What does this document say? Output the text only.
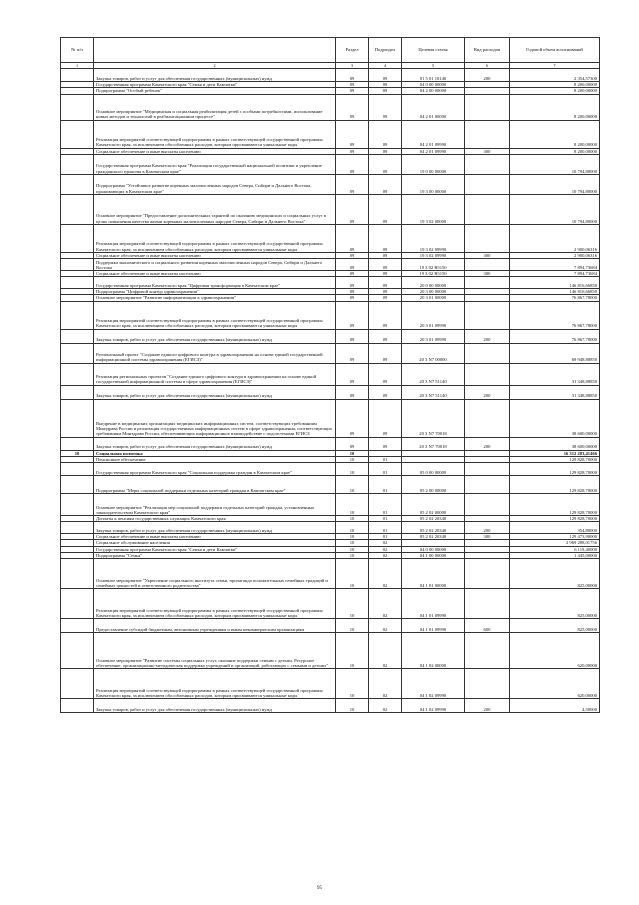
№ п/п		Раздел	Подраздел	Целевая статья	Вид расходов	Годовой объем ассигнований
1	2	3	4	5	6	7
	Закупка товаров, работ и услуг для обеспечения государственных (муниципальных) нужд	09	09	01 5 01 10140	200	2 354,57300
	Государственная программа Камчатского края "Семья и дети Камчатки"	09	09	04 0 00 00000		8 200,00000
	Подпрограмма "Особый ребенок"	09	09	04 2 00 00000		8 200,00000
	Основное мероприятие "Медицинская и социальная реабилитация детей с особыми потребностями, использование новых методов и технологий в реабилитационном процессе"	09	09	04 2 01 00000		8 200,00000
	Реализация мероприятий соответствующей подпрограммы в рамках соответствующей государственной программы Камчатского края, за исключением обособленных расходов, которым присваиваются уникальные коды	09	09	04 2 01 09990		8 200,00000
	Социальное обеспечение и иные выплаты населению	09	09	04 2 01 09990	300	8 200,00000
	Государственная программа Камчатского края "Реализация государственной национальной политики и укрепление гражданского единства в Камчатском крае"	09	09	19 0 00 00000		10 794,80000
	Подпрограмма "Устойчивое развитие коренных малочисленных народов Севера, Сибири и Дальнего Востока, проживающих в Камчатском крае"	09	09	19 3 00 00000		10 794,80000
	Основное мероприятие "Предоставление дополнительных гарантий по оказанию медицинских и социальных услуг в целях повышения качества жизни коренных малочисленных народов Севера, Сибири и Дальнего Востока"	09	09	19 3 02 00000		10 794,80000
	Реализация мероприятий соответствующей подпрограммы в рамках соответствующей государственной программы Камчатского края, за исключением обособленных расходов, которым присваиваются уникальные коды	09	09	19 3 02 09990		2 900,06316
	Социальное обеспечение и иные выплаты населению	09	09	19 3 02 09990	300	2 900,06316
	Поддержка экономического и социального развития коренных малочисленных народов Севера, Сибири и Дальнего Востока	09	09	19 3 02 R5150		7 894,73684
	Социальное обеспечение и иные выплаты населению	09	09	19 3 02 R5150	300	7 894,73684
	Государственная программа Камчатского края "Цифровая трансформация в Камчатском крае"	09	09	20 0 00 00000		146 816,66850
	Подпрограмма "Цифровой контур здравоохранения"	09	09	20 3 00 00000		146 816,66850
	Основное мероприятие "Развитие информатизации в здравоохранении"	09	09	20 3 01 00000		76 867,78000
	Реализация мероприятий соответствующей подпрограммы в рамках соответствующей государственной программы Камчатского края, за исключением обособленных расходов, которым присваиваются уникальные коды	09	09	20 3 01 09990		76 867,78000
	Закупка товаров, работ и услуг для обеспечения государственных (муниципальных) нужд	09	09	20 3 01 09990	200	76 867,78000
	Региональный проект "Создание единого цифрового контура в здравоохранении на основе единой государственной информационной системы здравоохранения (ЕГИСЗ)"	09	09	20 3 N7 00000		69 948,88850
	Реализация региональных проектов "Создание единого цифрового контура в здравоохранении на основе единой государственной информационной системы в сфере здравоохранения (ЕГИСЗ)"	09	09	20 3 N7 51140		31 348,88850
	Закупка товаров, работ и услуг для обеспечения государственных (муниципальных) нужд	09	09	20 3 N7 51140	200	31 348,88850
	Внедрение в медицинских организациях медицинских информационных систем, соответствующих требованиям Минздрава России и реализация государственных информационных систем в сфере здравоохранения, соответствующих требованиям Минздрава России, обеспечивающих информационное взаимодействие с подсистемами ЕГИСЗ	09	09	20 3 N7 70018		38 600,00000
	Закупка товаров, работ и услуг для обеспечения государственных (муниципальных) нужд	09	09	20 3 N7 70018	200	38 600,00000
10	Социальная политика	10				16 312 283,41466
	Пенсионное обеспечение	10	01			129 828,70000
	Государственная программа Камчатского края "Социальная поддержка граждан в Камчатском крае"	10	01	05 0 00 00000		129 828,70000
	Подпрограмма "Меры социальной поддержки отдельных категорий граждан в Камчатском крае"	10	01	05 2 00 00000		129 828,70000
	Основное мероприятие "Реализация мер социальной поддержки отдельных категорий граждан, установленных законодательством Камчатского края"	10	01	05 2 02 00000		129 828,70000
	Доплаты к пенсиям государственных служащих Камчатского края	10	01	05 2 02 20340		129 828,70000
	Закупка товаров, работ и услуг для обеспечения государственных (муниципальных) нужд	10	01	05 2 02 20340	200	354,80000
	Социальное обеспечение и иные выплаты населению	10	01	05 2 02 20340	300	129 473,90000
	Социальное обслуживание населения	10	02			2 969 288,01756
	Государственная программа Камчатского края "Семья и дети Камчатки"	10	02	04 0 00 00000		6 119,40000
	Подпрограмма "Семья"	10	02	04 1 00 00000		1 445,00000
	Основное мероприятие "Укрепление социального института семьи, пропаганда положительных семейных традиций и семейных ценностей и ответственного родительства"	10	02	04 1 01 00000		825,00000
	Реализация мероприятий соответствующей подпрограммы в рамках соответствующей государственной программы Камчатского края, за исключением обособленных расходов, которым присваиваются уникальные коды	10	02	04 1 01 09990		825,00000
	Предоставление субсидий бюджетным, автономным учреждениям и иным некоммерческим организациям	10	02	04 1 01 09990	600	825,00000
	Основное мероприятие "Развитие системы социальных услуг, оказание поддержки семьям с детьми. Ресурсное обеспечение, организационно-методическая поддержка учреждений и организаций, работающих с семьями и детьми"	10	02	04 1 02 00000		620,00000
	Реализация мероприятий соответствующей подпрограммы в рамках соответствующей государственной программы Камчатского края, за исключением обособленных расходов, которым присваиваются уникальные коды	10	02	04 1 02 09990		620,00000
	Закупка товаров, работ и услуг для обеспечения государственных (муниципальных) нужд	10	02	04 1 02 09990	200	4,50000
95
